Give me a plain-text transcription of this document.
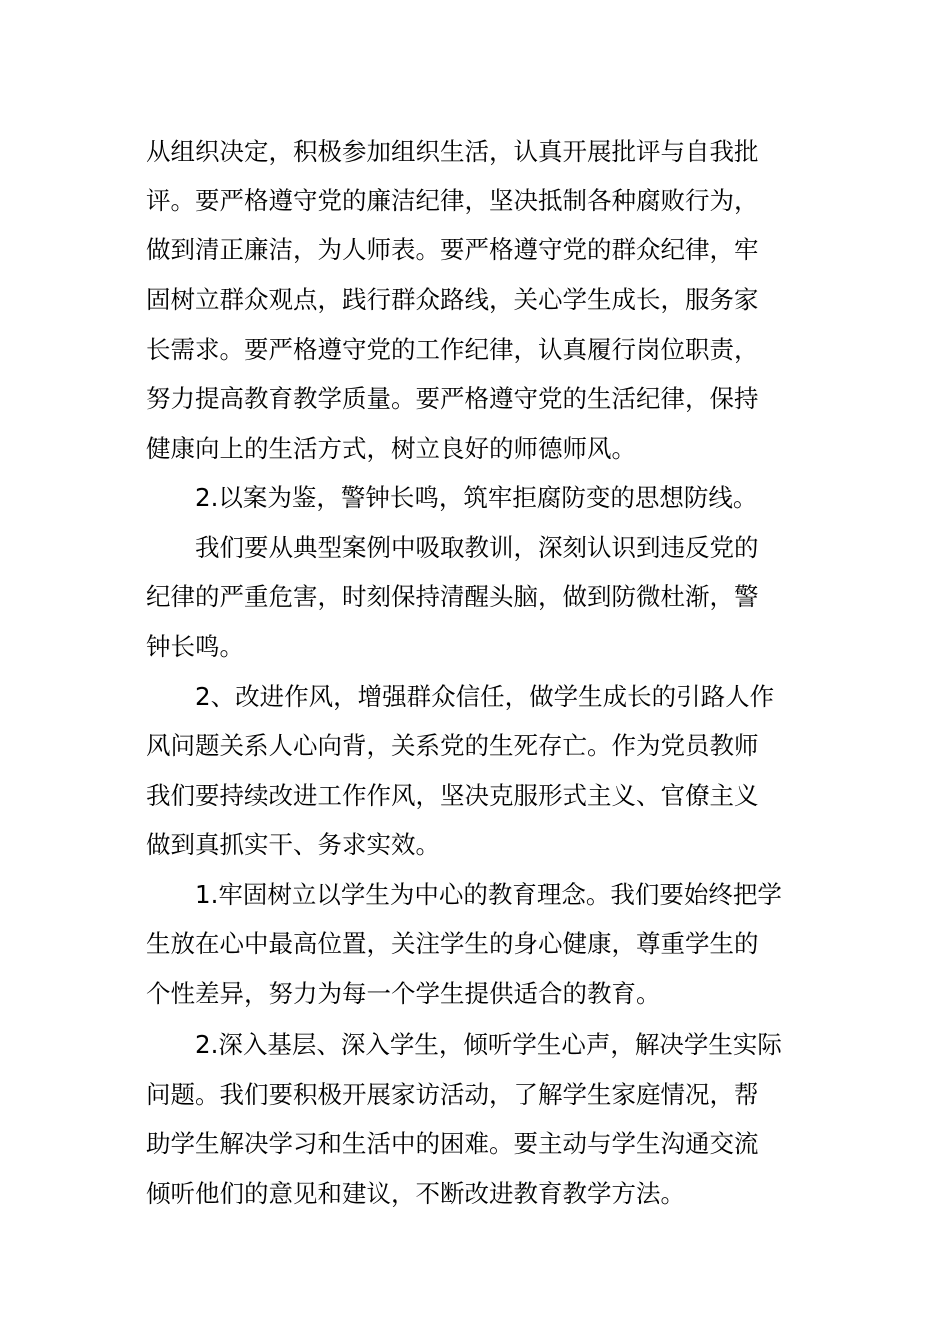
从组织决定，积极参加组织生活，认真开展批评与自我批
评。要严格遵守党的廉洁纪律，坚决抵制各种腐败行为，
做到清正廉洁，为人师表。要严格遵守党的群众纪律，牢
固树立群众观点，践行群众路线，关心学生成长，服务家
长需求。要严格遵守党的工作纪律，认真履行岗位职责，
努力提高教育教学质量。要严格遵守党的生活纪律，保持
健康向上的生活方式，树立良好的师德师风。
2.以案为鉴，警钟长鸣，筑牢拒腐防变的思想防线。
我们要从典型案例中吸取教训，深刻认识到违反党的
纪律的严重危害，时刻保持清醒头脑，做到防微杜渐，警
钟长鸣。
2、改进作风，增强群众信任，做学生成长的引路人作
风问题关系人心向背，关系党的生死存亡。作为党员教师
我们要持续改进工作作风，坚决克服形式主义、官僚主义
做到真抓实干、务求实效。
1.牢固树立以学生为中心的教育理念。我们要始终把学
生放在心中最高位置，关注学生的身心健康，尊重学生的
个性差异，努力为每一个学生提供适合的教育。
2.深入基层、深入学生，倾听学生心声，解决学生实际
问题。我们要积极开展家访活动，了解学生家庭情况，帮
助学生解决学习和生活中的困难。要主动与学生沟通交流
倾听他们的意见和建议，不断改进教育教学方法。
